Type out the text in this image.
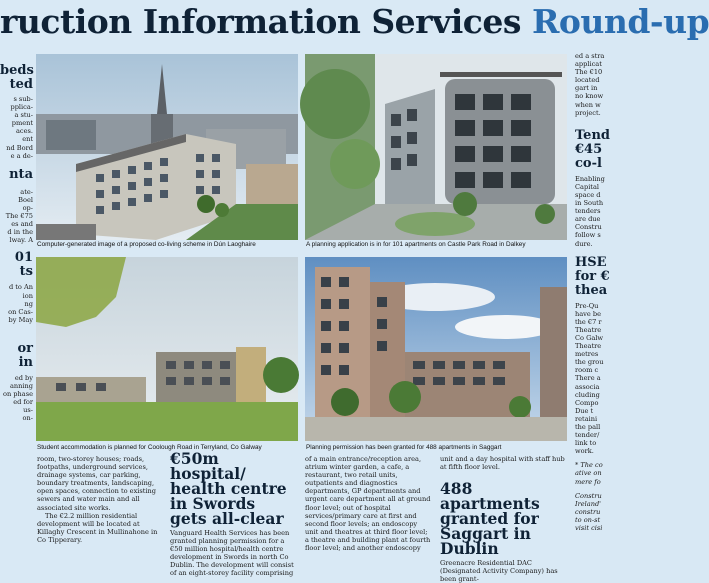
ruction Information Services Round-up
beds
ted
s sub-
pplica-
a stu-
pment
aces.
ent
nd Bord
e a de-
nta
ate-
Boel
op-
The €75
es and
d in the
lway. A
01
ts
d to An
ion
ng
on Cas-
by May
or
in
ed by
anning
on phase
ed for
us-
on-
Computer-generated image of a proposed co-living scheme in Dún Laoghaire	A planning application is in for 101 apartments on Castle Park Road in Dalkey
Student accommodation is planned for Coolough Road in Terryland, Co Galway	Planning permission has been granted for 488 apartments in Saggart

room, two-storey houses; roads, footpaths, underground services, drainage systems, car parking, boundary treatments, landscaping, open spaces, connection to existing sewers and water main and all associated site works.

The €2.2 million residential development will be located at Killaghy Crescent in Mullinahone in Co Tipperary.

€50m hospital/ health centre in Swords gets all-clear

Vanguard Health Services has been granted planning permission for a €50 million hospital/health centre development in Swords in north Co Dublin. The development will consist of an eight-storey facility comprising

of a main entrance/reception area, atrium winter garden, a cafe, a restaurant, two retail units, outpatients and diagnostics departments, GP departments and urgent care department all at ground floor level; out of hospital services/primary care at first and second floor levels; an endoscopy unit and theatres at third floor level; a theatre and building plant at fourth floor level; and another endoscopy

unit and a day hospital with staff hub at fifth floor level.

488 apartments granted for Saggart in Dublin

Greenacre Residential DAC (Designated Activity Company) has been grant-

ed a stra
applicat
The €10
located
gart in
no know
when w
project.
Tend
€45
co-l
Enabling
Capital
space d
in South
tenders
are due
Constru
follow s
dure.
HSE
for €
thea
Pre-Qu
have be
the €7 r
Theatre
Co Galw
Theatre
metres
the grou
room c
There a
associa
cluding
Compo
Due t
retaini
the pall
tender/
link to
work.
* The co
ative on
mere fo
Constru
Ireland'
constru
to on-st
visit cisi
